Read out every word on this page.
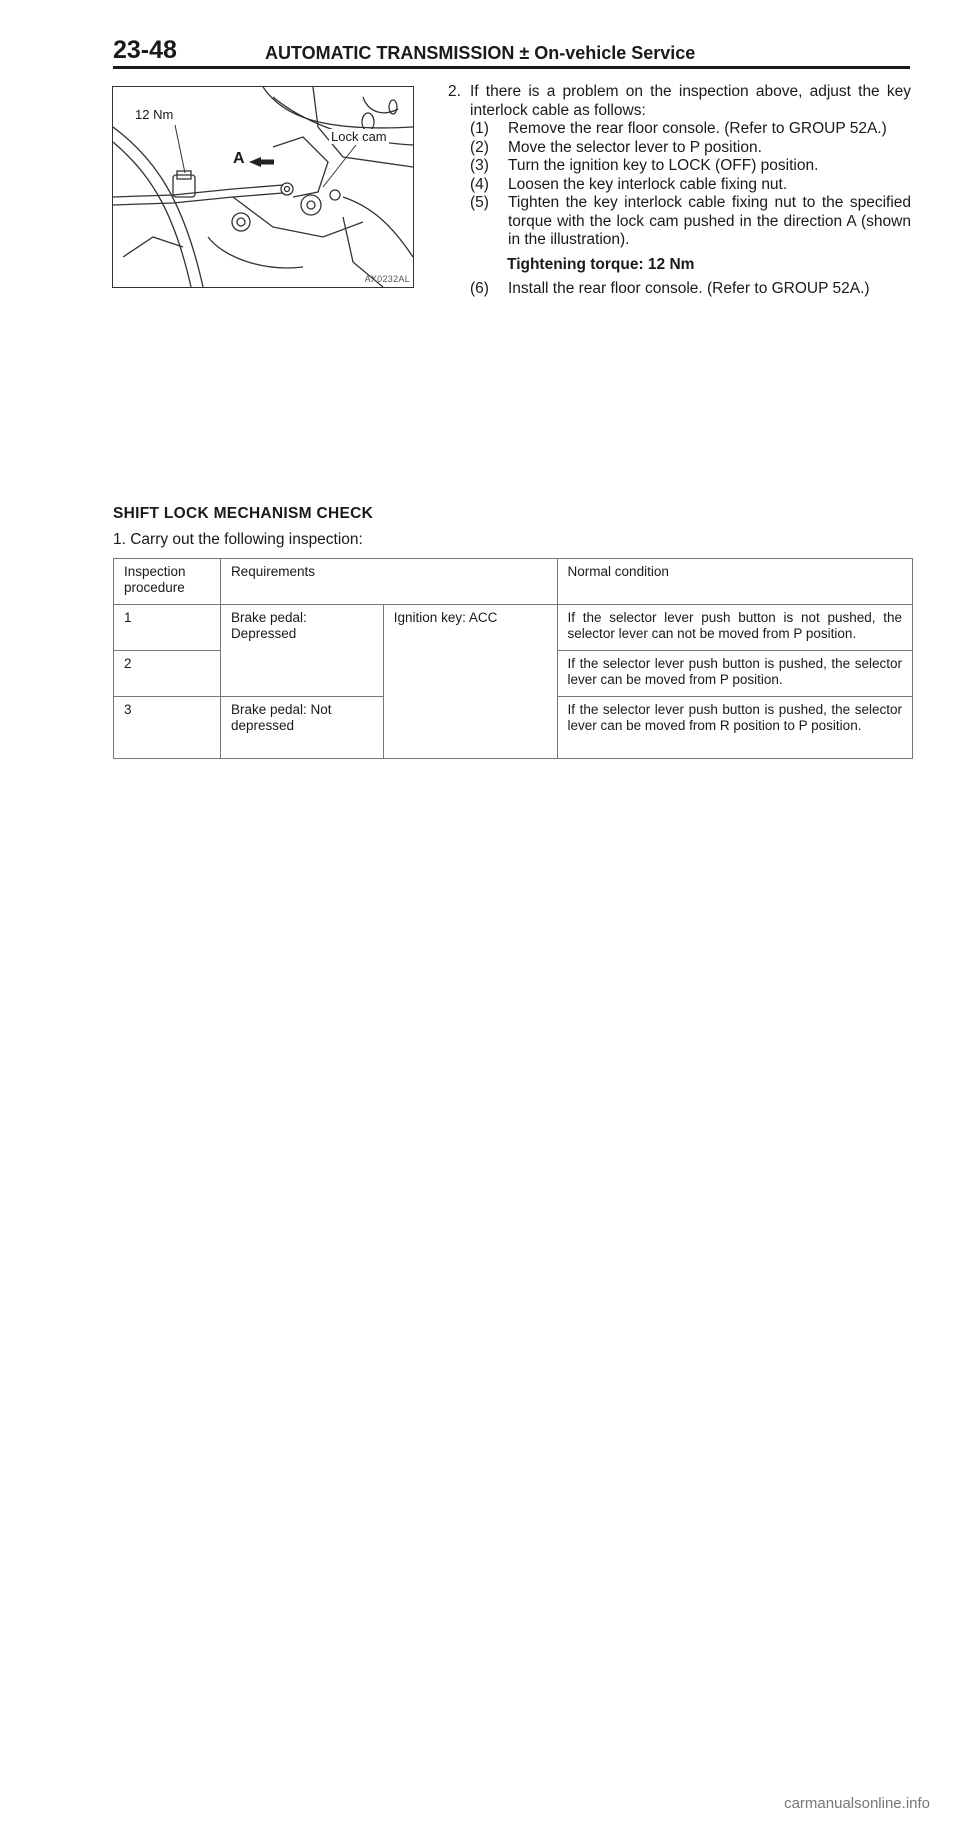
23-48	AUTOMATIC TRANSMISSION ± On-vehicle Service
12 Nm
Lock cam
A
AX0232AL
2. If there is a problem on the inspection above, adjust the key interlock cable as follows:
(1)	Remove the rear floor console. (Refer to GROUP 52A.)
(2)	Move the selector lever to P position.
(3)	Turn the ignition key to LOCK (OFF) position.
(4)	Loosen the key interlock cable fixing nut.
(5)	Tighten the key interlock cable fixing nut to the specified torque with the lock cam pushed in the direction A (shown in the illustration).
Tightening torque: 12 Nm
(6)	Install the rear floor console. (Refer to GROUP 52A.)
SHIFT LOCK MECHANISM CHECK
1. Carry out the following inspection:
Inspection procedure	Requirements		Normal condition
1	Brake pedal: Depressed	Ignition key: ACC	If the selector lever push button is not pushed, the selector lever can not be moved from P position.
2			If the selector lever push button is pushed, the selector lever can be moved from P position.
3	Brake pedal: Not depressed		If the selector lever push button is pushed, the selector lever can be moved from R position to P position.
carmanualsonline.info
